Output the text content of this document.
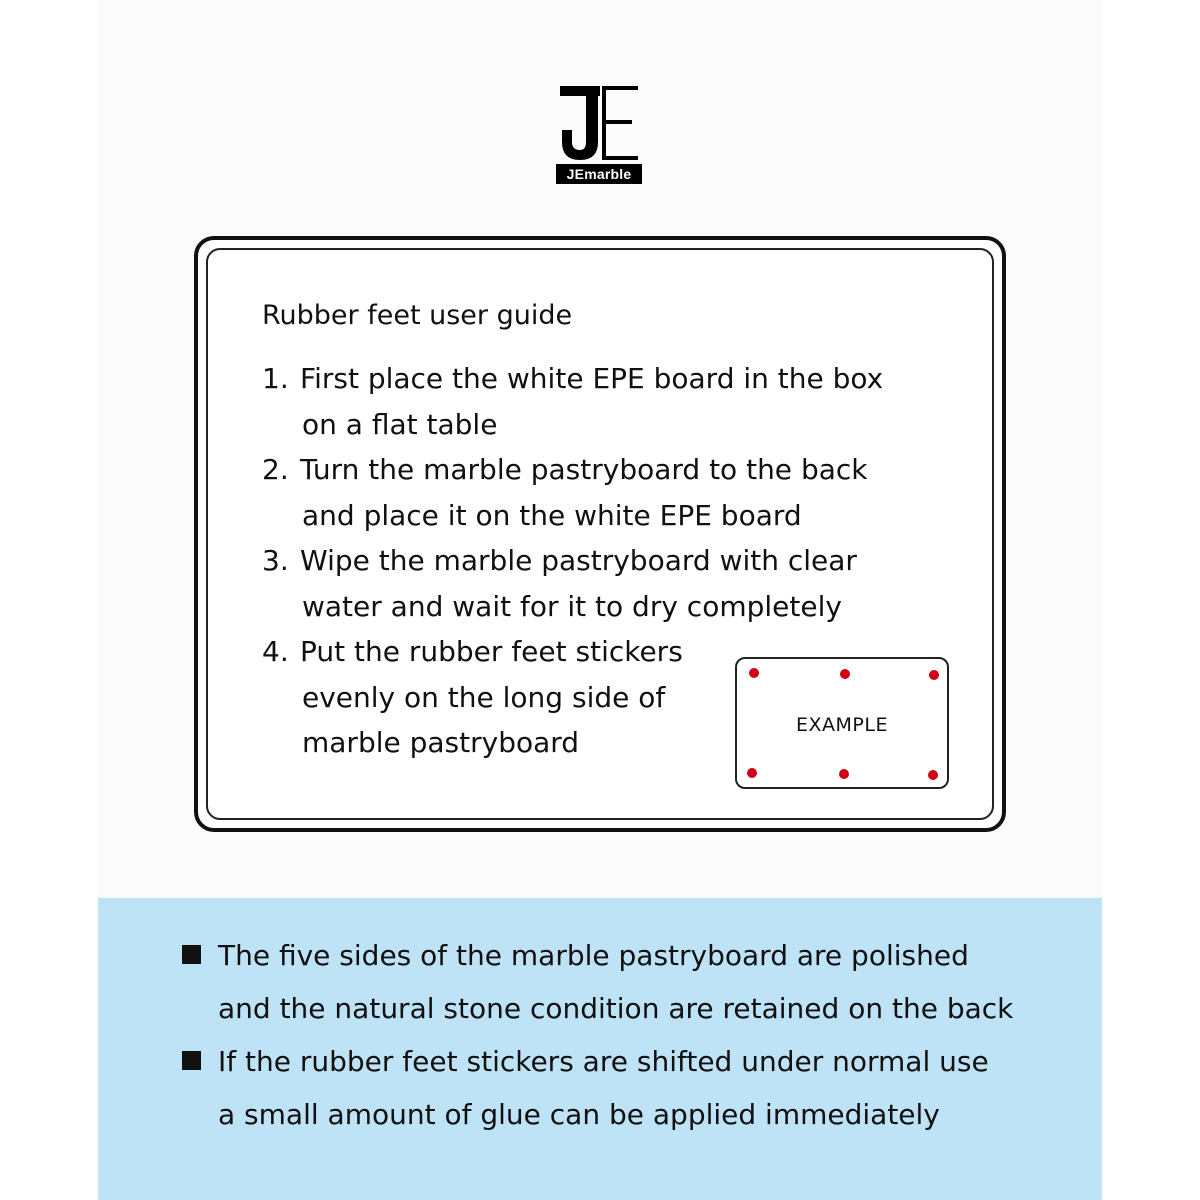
JEmarble
Rubber feet user guide
1. First place the white EPE board in the box
on a flat table
2. Turn the marble pastryboard to the back
and place it on the white EPE board
3. Wipe the marble pastryboard with clear
water and wait for it to dry completely
4. Put the rubber feet stickers
evenly on the long side of
marble pastryboard
EXAMPLE
The five sides of the marble pastryboard are polished
and the natural stone condition are retained on the back
If the rubber feet stickers are shifted under normal use
a small amount of glue can be applied immediately
